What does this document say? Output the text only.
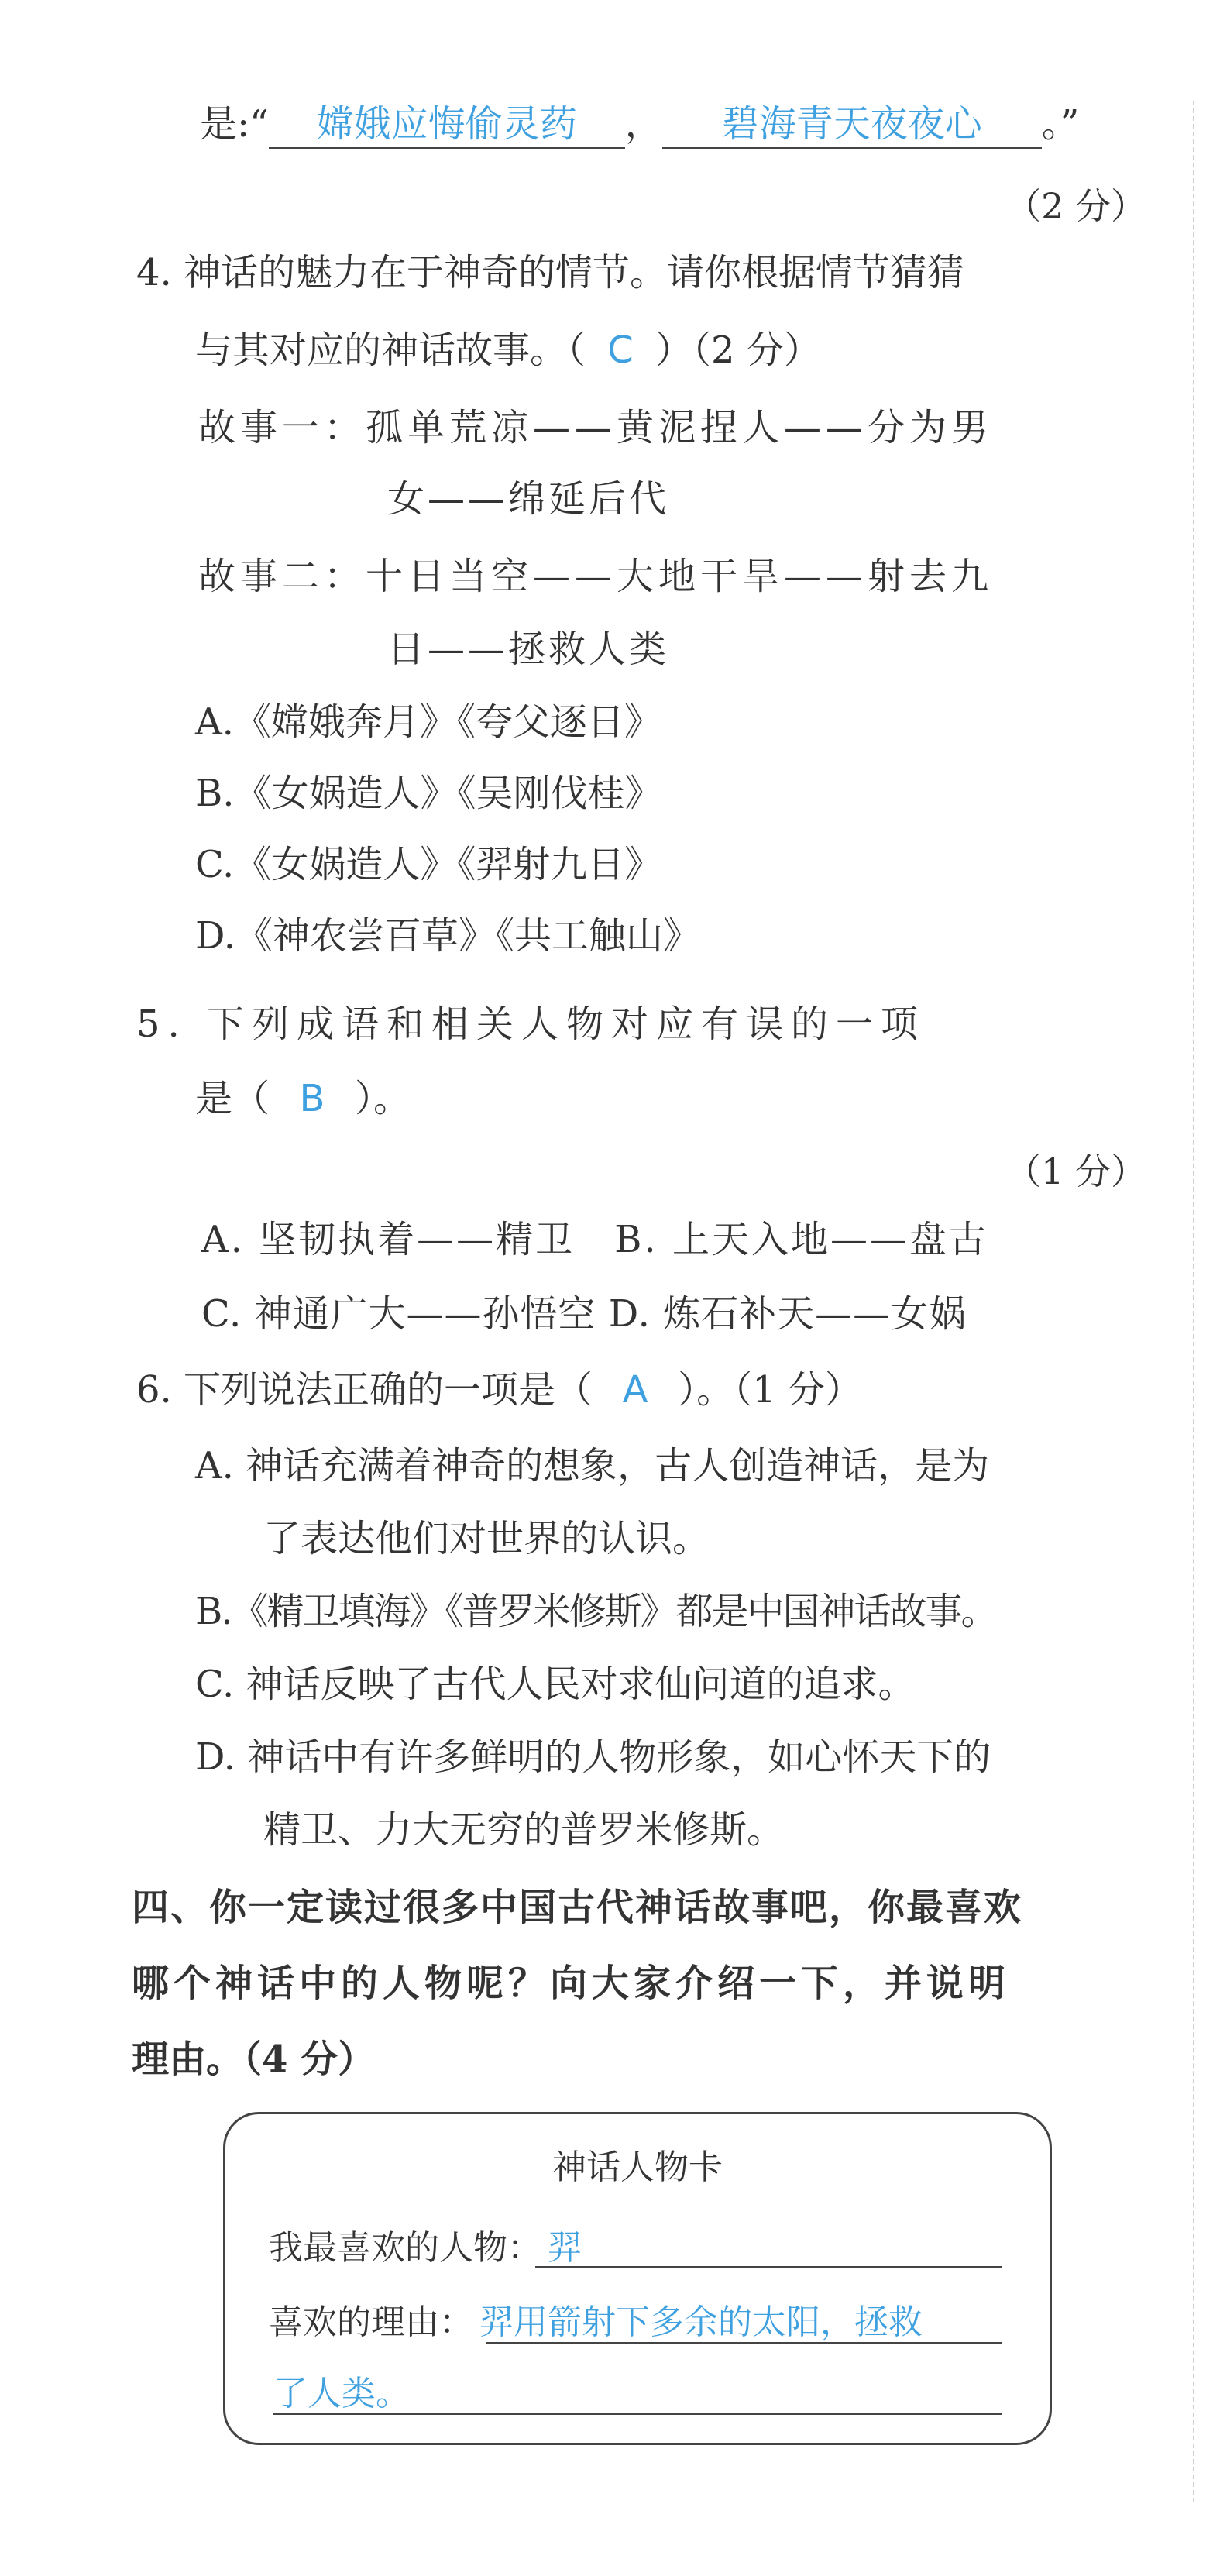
是:“ 嫦娥应悔偷灵药 ， 碧海青天夜夜心 。”
（2 分）
4. 神话的魅力在于神奇的情节。请你根据情节猜猜
与其对应的神话故事。（ C ）（2 分）
故事一：孤单荒凉——黄泥捏人——分为男
女——绵延后代
故事二：十日当空——大地干旱——射去九
日——拯救人类
A.《嫦娥奔月》《夸父逐日》
B.《女娲造人》《吴刚伐桂》
C.《女娲造人》《羿射九日》
D.《神农尝百草》《共工触山》
5. 下列成语和相关人物对应有误的一项
是（ B ）。
（1 分）
A. 坚韧执着——精卫　B. 上天入地——盘古
C. 神通广大——孙悟空 D. 炼石补天——女娲
6. 下列说法正确的一项是（ A ）。（1 分）
A. 神话充满着神奇的想象，古人创造神话，是为
了表达他们对世界的认识。
B.《精卫填海》《普罗米修斯》都是中国神话故事。
C. 神话反映了古代人民对求仙问道的追求。
D. 神话中有许多鲜明的人物形象，如心怀天下的
精卫、力大无穷的普罗米修斯。
四、你一定读过很多中国古代神话故事吧，你最喜欢
哪个神话中的人物呢？向大家介绍一下，并说明
理由。（4 分）
神话人物卡
我最喜欢的人物： 羿
喜欢的理由： 羿用箭射下多余的太阳，拯救
了人类。
